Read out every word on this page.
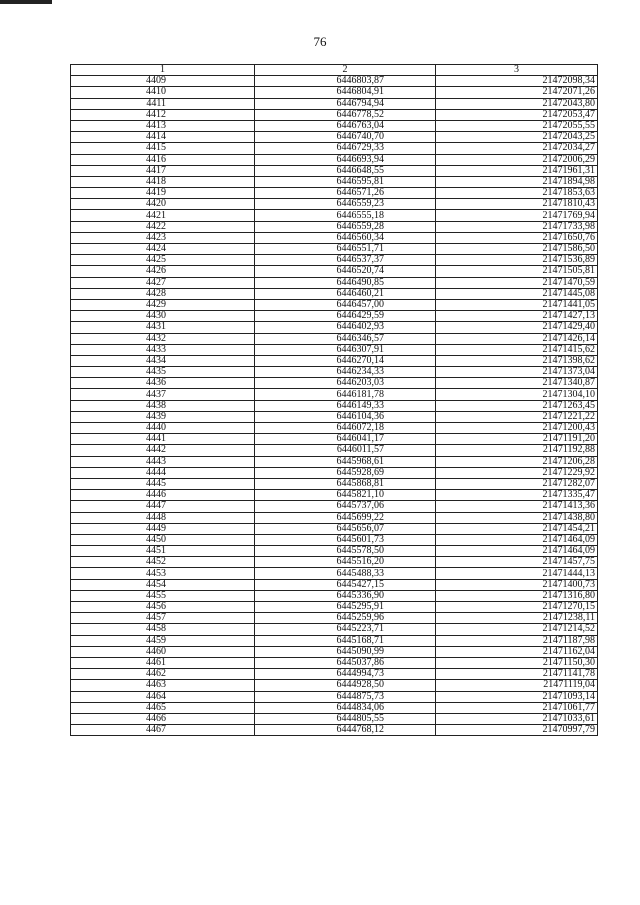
76
1	2	3
4409	6446803,87	21472098,34
4410	6446804,91	21472071,26
4411	6446794,94	21472043,80
4412	6446778,52	21472053,47
4413	6446763,04	21472055,55
4414	6446740,70	21472043,25
4415	6446729,33	21472034,27
4416	6446693,94	21472006,29
4417	6446648,55	21471961,31
4418	6446595,81	21471894,98
4419	6446571,26	21471853,63
4420	6446559,23	21471810,43
4421	6446555,18	21471769,94
4422	6446559,28	21471733,98
4423	6446560,34	21471650,76
4424	6446551,71	21471586,50
4425	6446537,37	21471536,89
4426	6446520,74	21471505,81
4427	6446490,85	21471470,59
4428	6446460,21	21471445,08
4429	6446457,00	21471441,05
4430	6446429,59	21471427,13
4431	6446402,93	21471429,40
4432	6446346,57	21471426,14
4433	6446307,91	21471415,62
4434	6446270,14	21471398,62
4435	6446234,33	21471373,04
4436	6446203,03	21471340,87
4437	6446181,78	21471304,10
4438	6446149,33	21471263,45
4439	6446104,36	21471221,22
4440	6446072,18	21471200,43
4441	6446041,17	21471191,20
4442	6446011,57	21471192,88
4443	6445968,61	21471206,28
4444	6445928,69	21471229,92
4445	6445868,81	21471282,07
4446	6445821,10	21471335,47
4447	6445737,06	21471413,36
4448	6445699,22	21471438,80
4449	6445656,07	21471454,21
4450	6445601,73	21471464,09
4451	6445578,50	21471464,09
4452	6445516,20	21471457,75
4453	6445488,33	21471444,13
4454	6445427,15	21471400,73
4455	6445336,90	21471316,80
4456	6445295,91	21471270,15
4457	6445259,96	21471238,11
4458	6445223,71	21471214,52
4459	6445168,71	21471187,98
4460	6445090,99	21471162,04
4461	6445037,86	21471150,30
4462	6444994,73	21471141,78
4463	6444928,50	21471119,04
4464	6444875,73	21471093,14
4465	6444834,06	21471061,77
4466	6444805,55	21471033,61
4467	6444768,12	21470997,79
